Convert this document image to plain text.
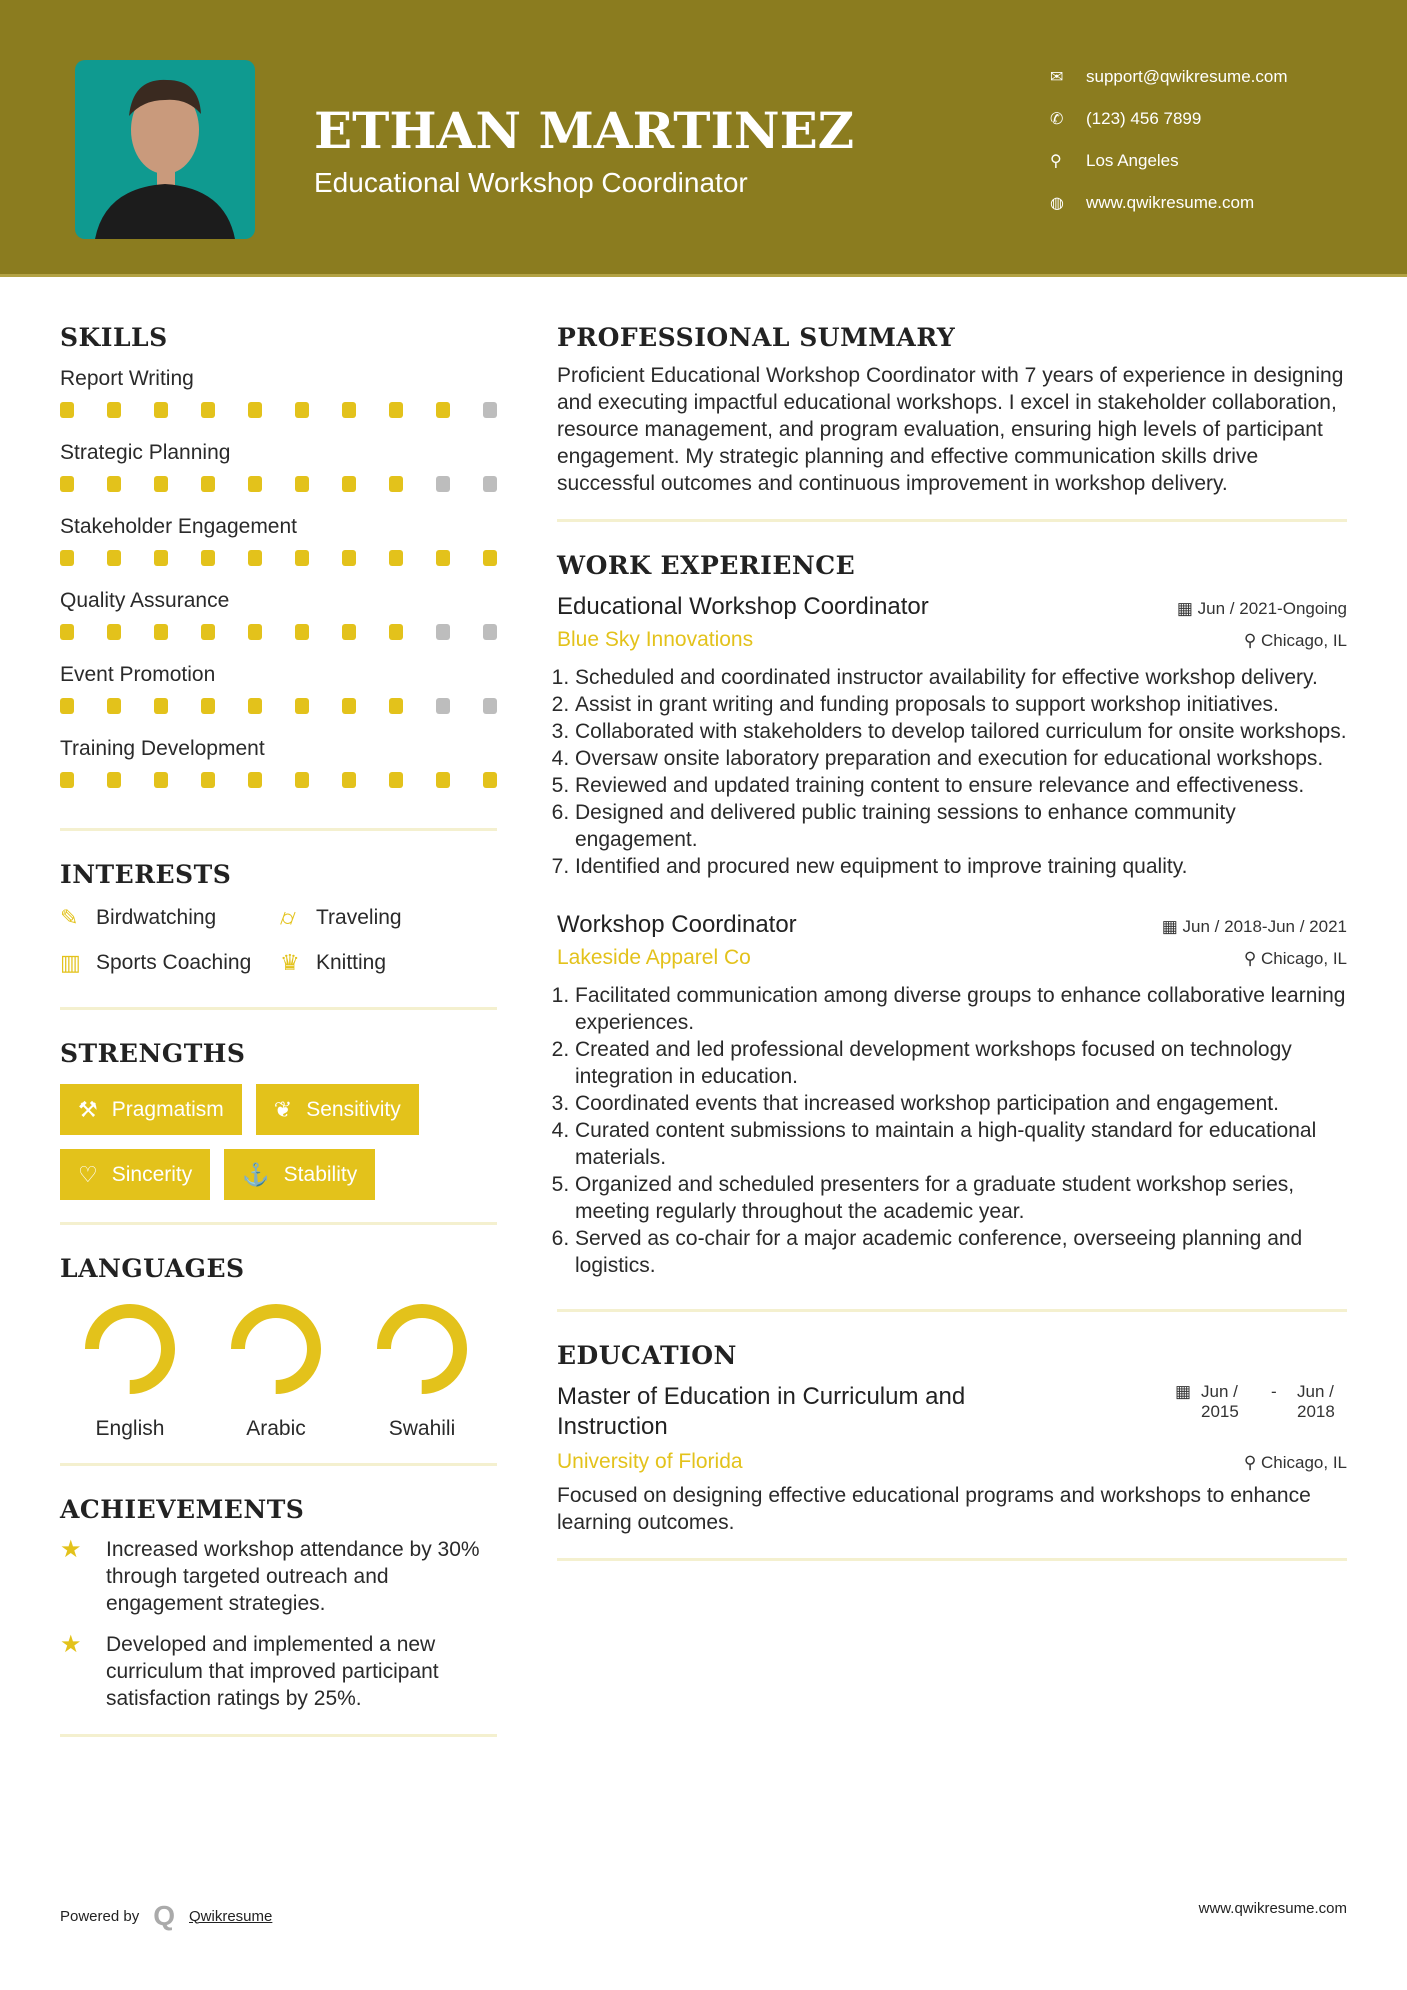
ETHAN MARTINEZ
Educational Workshop Coordinator
✉	support@qwikresume.com
✆	(123) 456 7899
⚲	Los Angeles
◍	www.qwikresume.com
SKILLS
Report Writing
Strategic Planning
Stakeholder Engagement
Quality Assurance
Event Promotion
Training Development
INTERESTS
✎ Birdwatching	⌭ Traveling
▥ Sports Coaching ♛ Knitting
STRENGTHS
⚒ Pragmatism ❦ Sensitivity
♡ Sincerity ⚓ Stability
LANGUAGES
English	Arabic	Swahili
ACHIEVEMENTS
★	Increased workshop attendance by 30% through targeted outreach and engagement strategies.
★	Developed and implemented a new curriculum that improved participant satisfaction ratings by 25%.
PROFESSIONAL SUMMARY

Proficient Educational Workshop Coordinator with 7 years of experience in designing and executing impactful educational workshops. I excel in stakeholder collaboration, resource management, and program evaluation, ensuring high levels of participant engagement. My strategic planning and effective communication skills drive successful outcomes and continuous improvement in workshop delivery.

WORK EXPERIENCE
Educational Workshop Coordinator	▦ Jun / 2021-Ongoing
Blue Sky Innovations	⚲ Chicago, IL
1. Scheduled and coordinated instructor availability for effective workshop delivery.
2. Assist in grant writing and funding proposals to support workshop initiatives.
3. Collaborated with stakeholders to develop tailored curriculum for onsite workshops.
4. Oversaw onsite laboratory preparation and execution for educational workshops.
5. Reviewed and updated training content to ensure relevance and effectiveness.
6. Designed and delivered public training sessions to enhance community engagement.
7. Identified and procured new equipment to improve training quality.
Workshop Coordinator	▦ Jun / 2018-Jun / 2021
Lakeside Apparel Co	⚲ Chicago, IL
1. Facilitated communication among diverse groups to enhance collaborative learning experiences.
2. Created and led professional development workshops focused on technology integration in education.
3. Coordinated events that increased workshop participation and engagement.
4. Curated content submissions to maintain a high-quality standard for educational materials.
5. Organized and scheduled presenters for a graduate student workshop series, meeting regularly throughout the academic year.
6. Served as co-chair for a major academic conference, overseeing planning and logistics.
EDUCATION
Master of Education in Curriculum and Instruction
▦ Jun / 2015
-	Jun / 2018
University of Florida	⚲ Chicago, IL

Focused on designing effective educational programs and workshops to enhance learning outcomes.

Powered by Q Qwikresume	www.qwikresume.com
